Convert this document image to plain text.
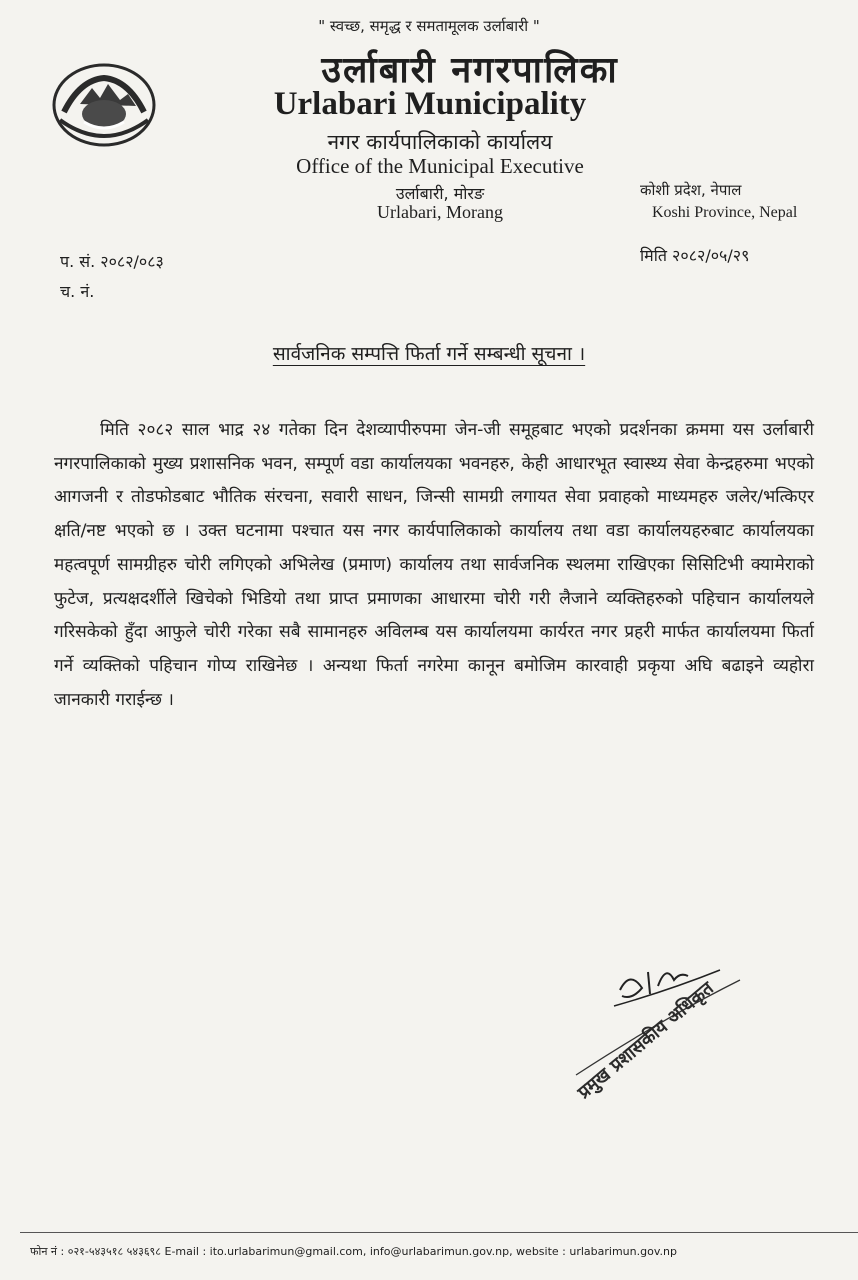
" स्वच्छ, समृद्ध र समतामूलक उर्लाबारी "
उर्लाबारी नगरपालिका
Urlabari Municipality
नगर कार्यपालिकाको कार्यालय
Office of the Municipal Executive
उर्लाबारी, मोरङ
Urlabari, Morang
कोशी प्रदेश, नेपाल
Koshi Province, Nepal
प. सं. २०८२/०८३
च. नं.
मिति २०८२/०५/२९
सार्वजनिक सम्पत्ति फिर्ता गर्ने सम्बन्धी सूचना ।

मिति २०८२ साल भाद्र २४ गतेका दिन देशव्यापीरुपमा जेन-जी समूहबाट भएको प्रदर्शनका क्रममा यस उर्लाबारी नगरपालिकाको मुख्य प्रशासनिक भवन, सम्पूर्ण वडा कार्यालयका भवनहरु, केही आधारभूत स्वास्थ्य सेवा केन्द्रहरुमा भएको आगजनी र तोडफोडबाट भौतिक संरचना, सवारी साधन, जिन्सी सामग्री लगायत सेवा प्रवाहको माध्यमहरु जलेर/भत्किएर क्षति/नष्ट भएको छ । उक्त घटनामा पश्चात यस नगर कार्यपालिकाको कार्यालय तथा वडा कार्यालयहरुबाट कार्यालयका महत्वपूर्ण सामग्रीहरु चोरी लगिएको अभिलेख (प्रमाण) कार्यालय तथा सार्वजनिक स्थलमा राखिएका सिसिटिभी क्यामेराको फुटेज, प्रत्यक्षदर्शीले खिचेको भिडियो तथा प्राप्त प्रमाणका आधारमा चोरी गरी लैजाने व्यक्तिहरुको पहिचान कार्यालयले गरिसकेको हुँदा आफुले चोरी गरेका सबै सामानहरु अविलम्ब यस कार्यालयमा कार्यरत नगर प्रहरी मार्फत कार्यालयमा फिर्ता गर्ने व्यक्तिको पहिचान गोप्य राखिनेछ । अन्यथा फिर्ता नगरेमा कानून बमोजिम कारवाही प्रकृया अघि बढाइने व्यहोरा जानकारी गराईन्छ ।

प्रमुख प्रशासकीय अधिकृत
फोन नं : ०२१-५४३५१८ ५४३६९८ E-mail : ito.urlabarimun@gmail.com, info@urlabarimun.gov.np, website : urlabarimun.gov.np
